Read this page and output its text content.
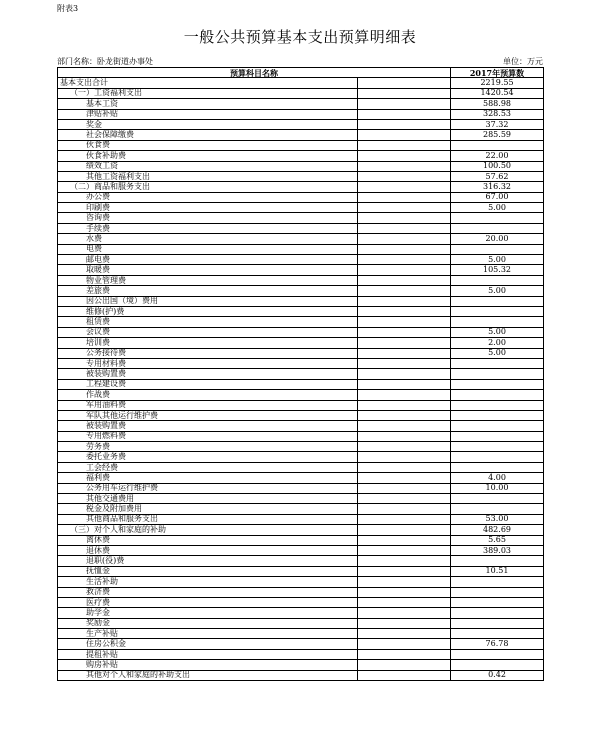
附表3
一般公共预算基本支出预算明细表
部门名称：卧龙街道办事处	单位：万元
预算科目名称		2017年预算数
基本支出合计		2219.55
（一）工资福利支出		1420.54
基本工资		588.98
津贴补贴		328.53
奖金		37.32
社会保障缴费		285.59
伙食费		
伙食补助费		22.00
绩效工资		100.50
其他工资福利支出		57.62
（二）商品和服务支出		316.32
办公费		67.00
印刷费		5.00
咨询费		
手续费		
水费		20.00
电费		
邮电费		5.00
取暖费		105.32
物业管理费		
差旅费		5.00
因公出国（境）费用		
维修(护)费		
租赁费		
会议费		5.00
培训费		2.00
公务接待费		5.00
专用材料费		
被装购置费		
工程建设费		
作战费		
军用油料费		
军队其他运行维护费		
被装购置费		
专用燃料费		
劳务费		
委托业务费		
工会经费		
福利费		4.00
公务用车运行维护费		10.00
其他交通费用		
税金及附加费用		
其他商品和服务支出		53.00
（三）对个人和家庭的补助		482.69
离休费		5.65
退休费		389.03
退职(役)费		
抚恤金		10.51
生活补助		
救济费		
医疗费		
助学金		
奖励金		
生产补贴		
住房公积金		76.78
提租补贴		
购房补贴		
其他对个人和家庭的补助支出		0.42
